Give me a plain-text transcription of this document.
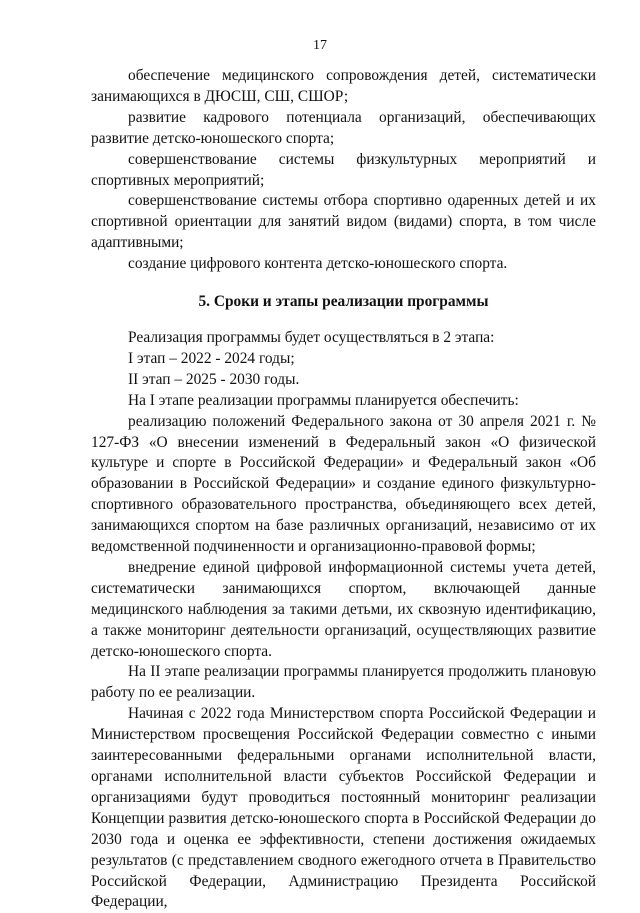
17

обеспечение медицинского сопровождения детей, систематически занимающихся в ДЮСШ, СШ, СШОР;

развитие кадрового потенциала организаций, обеспечивающих развитие детско-юношеского спорта;

совершенствование системы физкультурных мероприятий и спортивных мероприятий;

совершенствование системы отбора спортивно одаренных детей и их спортивной ориентации для занятий видом (видами) спорта, в том числе адаптивными;

создание цифрового контента детско-юношеского спорта.

5. Сроки и этапы реализации программы

Реализация программы будет осуществляться в 2 этапа:

I этап – 2022 - 2024 годы;

II этап – 2025 - 2030 годы.

На I этапе реализации программы планируется обеспечить:

реализацию положений Федерального закона от 30 апреля 2021 г. № 127-ФЗ «О внесении изменений в Федеральный закон «О физической культуре и спорте в Российской Федерации» и Федеральный закон «Об образовании в Российской Федерации» и создание единого физкультурно-спортивного образовательного пространства, объединяющего всех детей, занимающихся спортом на базе различных организаций, независимо от их ведомственной подчиненности и организационно-правовой формы;

внедрение единой цифровой информационной системы учета детей, систематически занимающихся спортом, включающей данные медицинского наблюдения за такими детьми, их сквозную идентификацию, а также мониторинг деятельности организаций, осуществляющих развитие детско-юношеского спорта.

На II этапе реализации программы планируется продолжить плановую работу по ее реализации.

Начиная с 2022 года Министерством спорта Российской Федерации и Министерством просвещения Российской Федерации совместно с иными заинтересованными федеральными органами исполнительной власти, органами исполнительной власти субъектов Российской Федерации и организациями будут проводиться постоянный мониторинг реализации Концепции развития детско-юношеского спорта в Российской Федерации до 2030 года и оценка ее эффективности, степени достижения ожидаемых результатов (с представлением сводного ежегодного отчета в Правительство Российской Федерации, Администрацию Президента Российской Федерации,
